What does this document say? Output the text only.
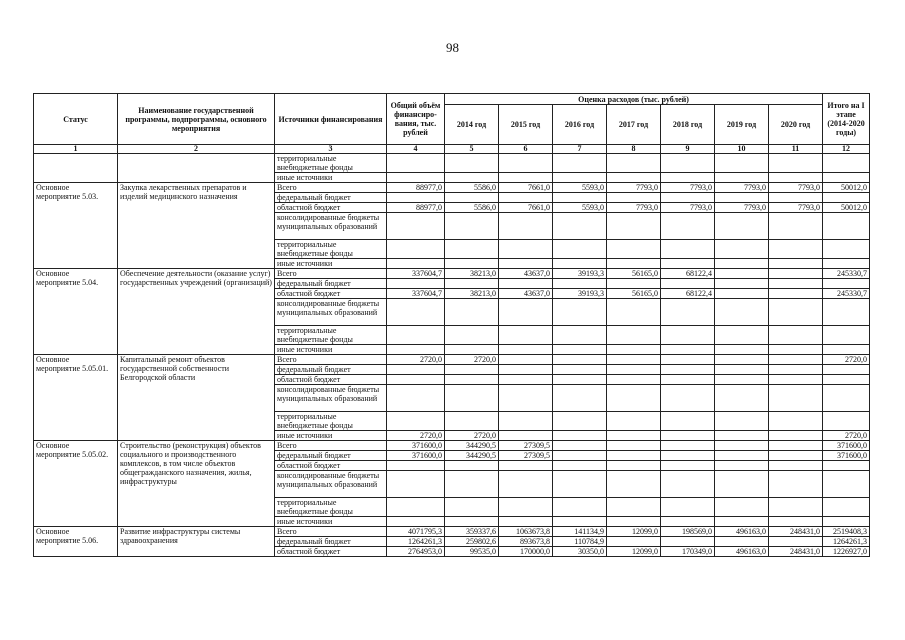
98
Статус	Наименование государственной программы, подпрограммы, основного мероприятия	Источники финансирования	Общий объём финансиро-вания, тыс. рублей	Оценка расходов (тыс. рублей)							Итого на I этапе (2014-2020 годы)
				2014 год	2015 год	2016 год	2017 год	2018 год	2019 год	2020 год	
1	2	3	4	5	6	7	8	9	10	11	12
		территориальные внебюджетные фонды									
		иные источники									
Основное мероприятие 5.03.	Закупка лекарственных препаратов и изделий медицинского назначения	Всего	88977,0	5586,0	7661,0	5593,0	7793,0	7793,0	7793,0	7793,0	50012,0
		федеральный бюджет									
		областной бюджет	88977,0	5586,0	7661,0	5593,0	7793,0	7793,0	7793,0	7793,0	50012,0
		консолидированные бюджеты муниципальных образований									
		территориальные внебюджетные фонды									
		иные источники									
Основное мероприятие 5.04.	Обеспечение деятельности (оказание услуг) государственных учреждений (организаций)	Всего	337604,7	38213,0	43637,0	39193,3	56165,0	68122,4			245330,7
		федеральный бюджет									
		областной бюджет	337604,7	38213,0	43637,0	39193,3	56165,0	68122,4			245330,7
		консолидированные бюджеты муниципальных образований									
		территориальные внебюджетные фонды									
		иные источники									
Основное мероприятие 5.05.01.	Капитальный ремонт объектов государственной собственности Белгородской области	Всего	2720,0	2720,0							2720,0
		федеральный бюджет									
		областной бюджет									
		консолидированные бюджеты муниципальных образований									
		территориальные внебюджетные фонды									
		иные источники	2720,0	2720,0							2720,0
Основное мероприятие 5.05.02.	Строительство (реконструкция) объектов социального и производственного комплексов, в том числе объектов общегражданского назначения, жилья, инфраструктуры	Всего	371600,0	344290,5	27309,5						371600,0
		федеральный бюджет	371600,0	344290,5	27309,5						371600,0
		областной бюджет									
		консолидированные бюджеты муниципальных образований									
		территориальные внебюджетные фонды									
		иные источники									
Основное мероприятие 5.06.	Развитие инфраструктуры системы здравоохранения	Всего	4071795,3	359337,6	1063673,8	141134,9	12099,0	198569,0	496163,0	248431,0	2519408,3
		федеральный бюджет	1264261,3	259802,6	893673,8	110784,9					1264261,3
		областной бюджет	2764953,0	99535,0	170000,0	30350,0	12099,0	170349,0	496163,0	248431,0	1226927,0
